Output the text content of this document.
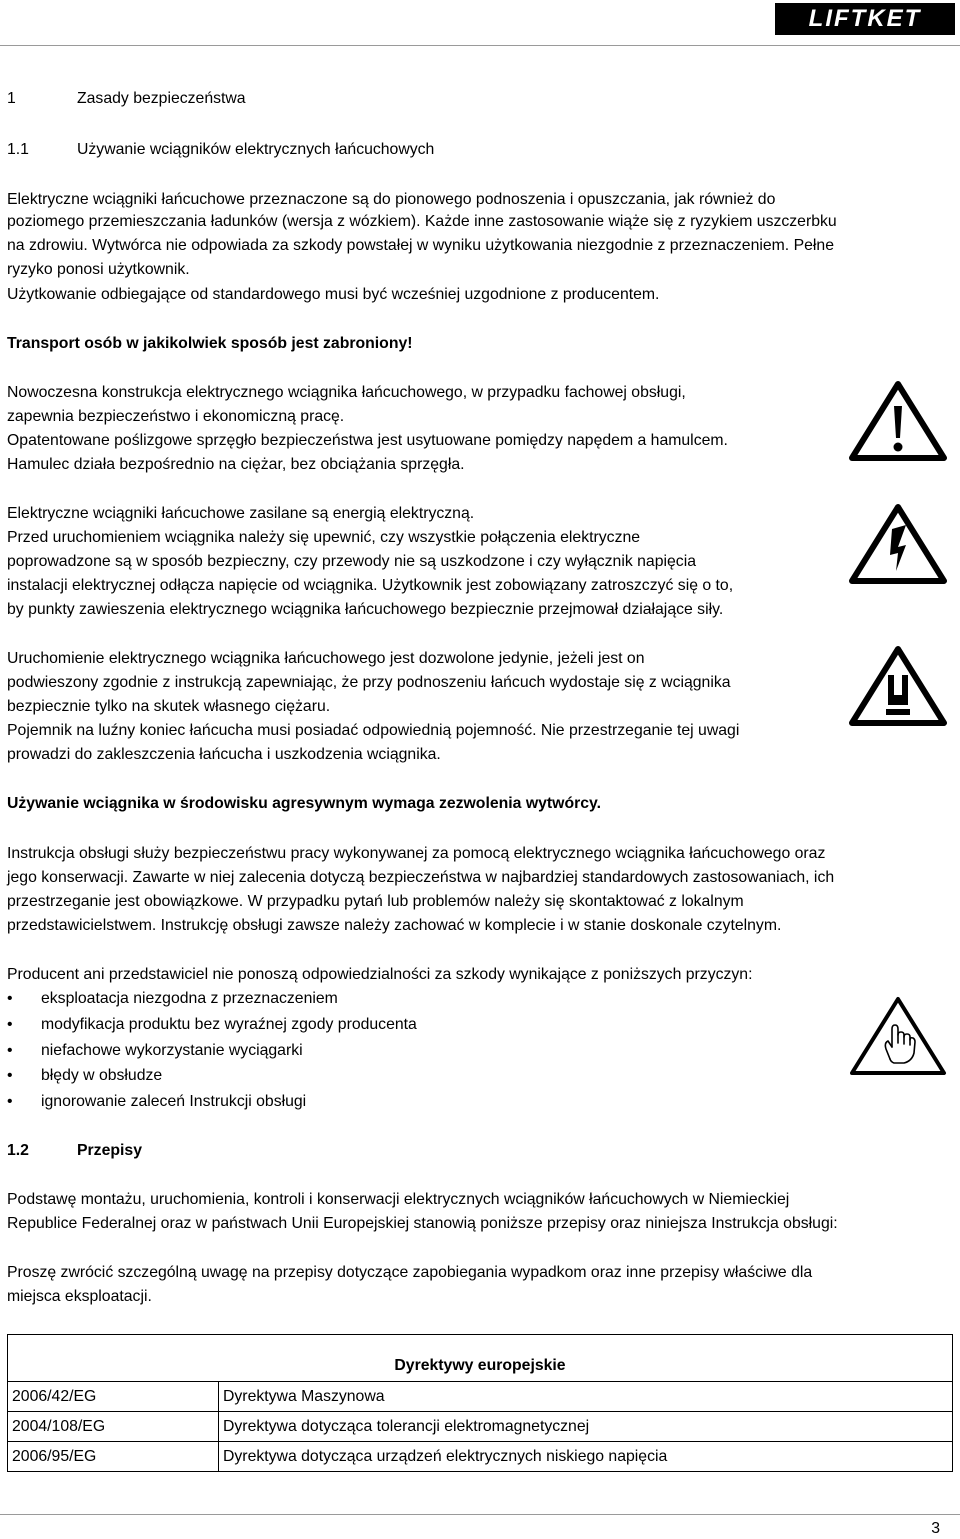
LIFTKET
1	Zasady bezpieczeństwa
1.1	Używanie wciągników elektrycznych łańcuchowych
Elektryczne wciągniki łańcuchowe przeznaczone są do pionowego podnoszenia i opuszczania, jak również do
poziomego przemieszczania ładunków (wersja z wózkiem). Każde inne zastosowanie wiąże się z ryzykiem uszczerbku
na zdrowiu. Wytwórca nie odpowiada za szkody powstałej w wyniku użytkowania niezgodnie z przeznaczeniem. Pełne
ryzyko ponosi użytkownik.
Użytkowanie odbiegające od standardowego musi być wcześniej uzgodnione z producentem.
Transport osób w jakikolwiek sposób jest zabroniony!
Nowoczesna konstrukcja elektrycznego wciągnika łańcuchowego, w przypadku fachowej obsługi,
zapewnia bezpieczeństwo i ekonomiczną pracę.
Opatentowane poślizgowe sprzęgło bezpieczeństwa jest usytuowane pomiędzy napędem a hamulcem.
Hamulec działa bezpośrednio na ciężar, bez obciążania sprzęgła.
Elektryczne wciągniki łańcuchowe zasilane są energią elektryczną.
Przed uruchomieniem wciągnika należy się upewnić, czy wszystkie połączenia elektryczne
poprowadzone są w sposób bezpieczny, czy przewody nie są uszkodzone i czy wyłącznik napięcia
instalacji elektrycznej odłącza napięcie od wciągnika. Użytkownik jest zobowiązany zatroszczyć się o to,
by punkty zawieszenia elektrycznego wciągnika łańcuchowego bezpiecznie przejmował działające siły.
Uruchomienie elektrycznego wciągnika łańcuchowego jest dozwolone jedynie, jeżeli jest on
podwieszony zgodnie z instrukcją zapewniając, że przy podnoszeniu łańcuch wydostaje się z wciągnika
bezpiecznie tylko na skutek własnego ciężaru.
Pojemnik na luźny koniec łańcucha musi posiadać odpowiednią pojemność. Nie przestrzeganie tej uwagi
prowadzi do zakleszczenia łańcucha i uszkodzenia wciągnika.
Używanie wciągnika w środowisku agresywnym wymaga zezwolenia wytwórcy.
Instrukcja obsługi służy bezpieczeństwu pracy wykonywanej za pomocą elektrycznego wciągnika łańcuchowego oraz
jego konserwacji. Zawarte w niej zalecenia dotyczą bezpieczeństwa w najbardziej standardowych zastosowaniach, ich
przestrzeganie jest obowiązkowe. W przypadku pytań lub problemów należy się skontaktować z lokalnym
przedstawicielstwem. Instrukcję obsługi zawsze należy zachować w komplecie i w stanie doskonale czytelnym.
Producent ani przedstawiciel nie ponoszą odpowiedzialności za szkody wynikające z poniższych przyczyn:
• eksploatacja niezgodna z przeznaczeniem
• modyfikacja produktu bez wyraźnej zgody producenta
• niefachowe wykorzystanie wyciągarki
• błędy w obsłudze
• ignorowanie zaleceń Instrukcji obsługi
1.2	Przepisy
Podstawę montażu, uruchomienia, kontroli i konserwacji elektrycznych wciągników łańcuchowych w Niemieckiej
Republice Federalnej oraz w państwach Unii Europejskiej stanowią poniższe przepisy oraz niniejsza Instrukcja obsługi:
Proszę zwrócić szczególną uwagę na przepisy dotyczące zapobiegania wypadkom oraz inne przepisy właściwe dla
miejsca eksploatacji.
Dyrektywy europejskie	
2006/42/EG	Dyrektywa Maszynowa
2004/108/EG	Dyrektywa dotycząca tolerancji elektromagnetycznej
2006/95/EG	Dyrektywa dotycząca urządzeń elektrycznych niskiego napięcia
3
